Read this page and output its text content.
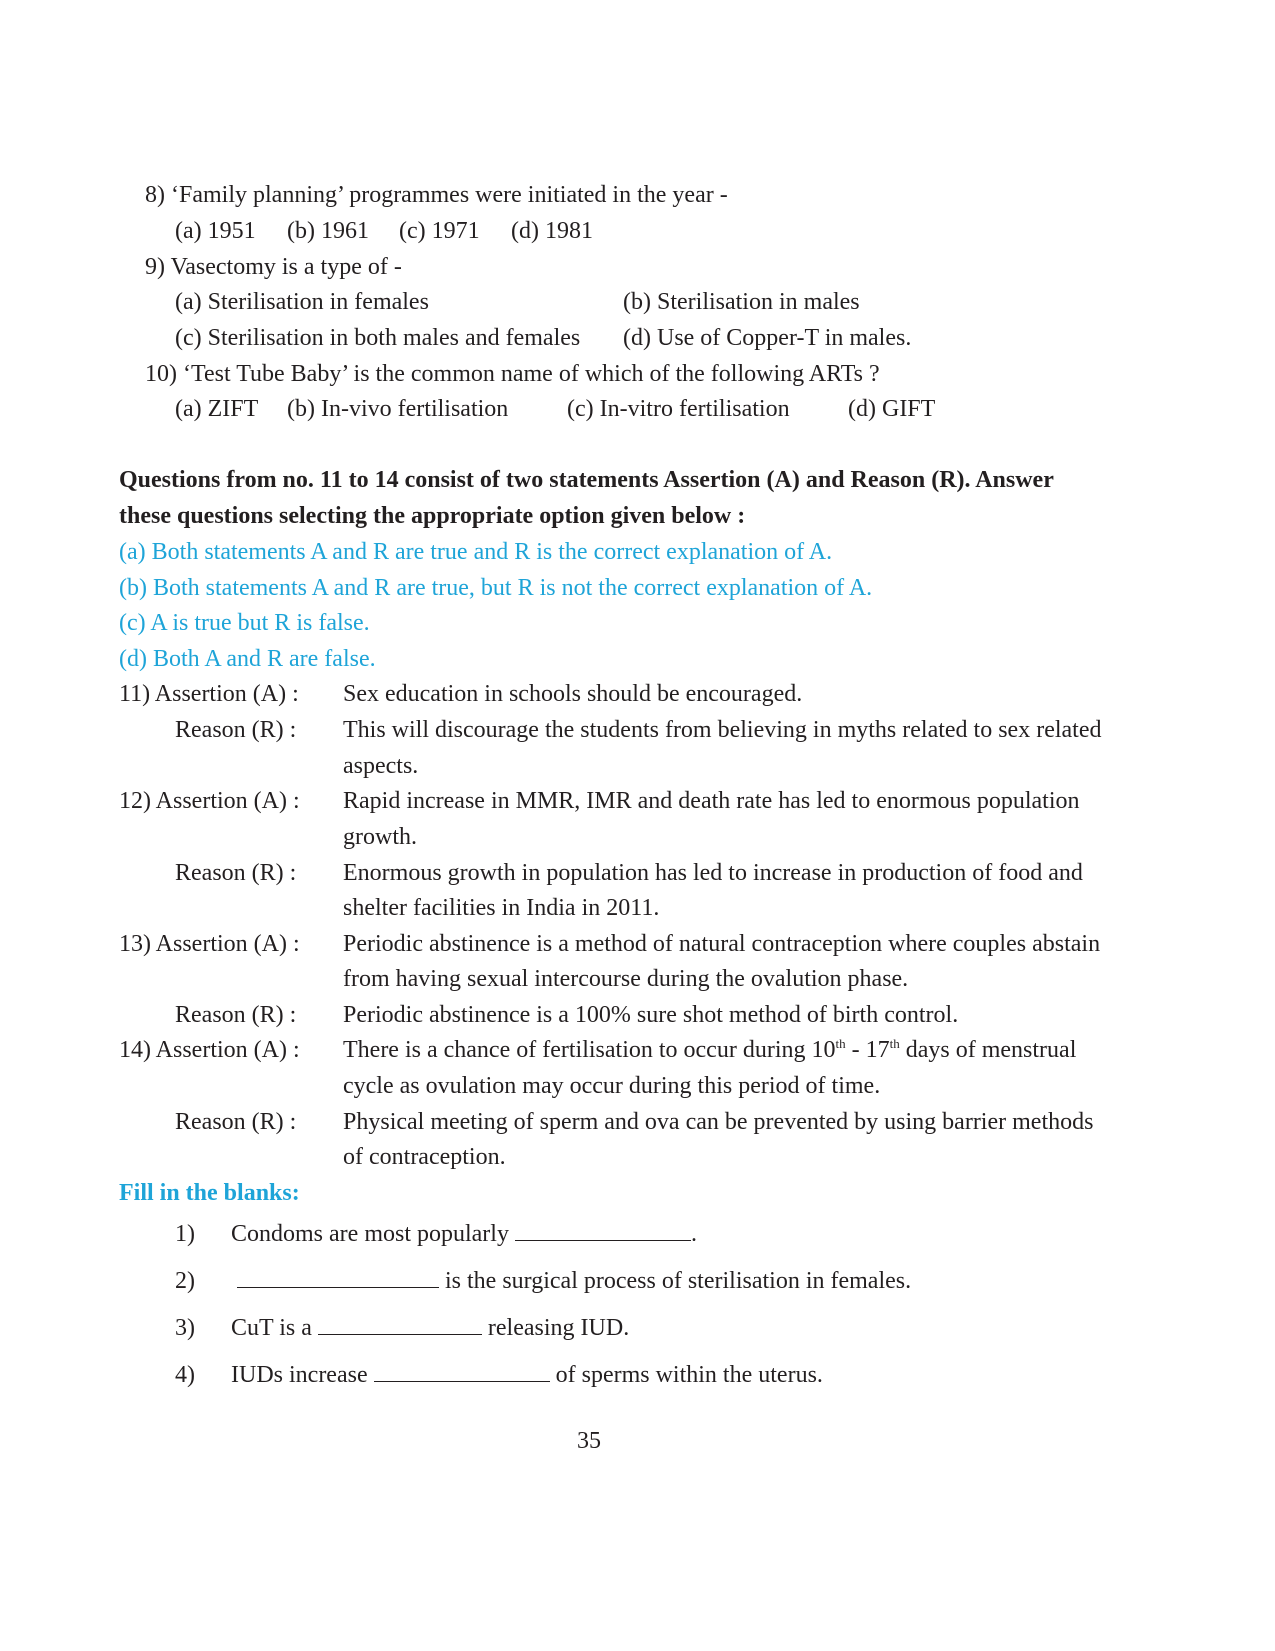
8) ‘Family planning’ programmes were initiated in the year -
(a) 1951 (b) 1961 (c) 1971 (d) 1981
9) Vasectomy is a type of -
(a) Sterilisation in females	(b) Sterilisation in males
(c) Sterilisation in both males and females (d) Use of Copper-T in males.
10) ‘Test Tube Baby’ is the common name of which of the following ARTs ?
(a) ZIFT (b) In-vivo fertilisation (c) In-vitro fertilisation (d) GIFT
Questions from no. 11 to 14 consist of two statements Assertion (A) and Reason (R). Answer
these questions selecting the appropriate option given below :
(a) Both statements A and R are true and R is the correct explanation of A.
(b) Both statements A and R are true, but R is not the correct explanation of A.
(c) A is true but R is false.
(d) Both A and R are false.
11) Assertion (A) : Sex education in schools should be encouraged.
Reason (R) : This will discourage the students from believing in myths related to sex related
aspects.
12) Assertion (A) : Rapid increase in MMR, IMR and death rate has led to enormous population
growth.
Reason (R) : Enormous growth in population has led to increase in production of food and
shelter facilities in India in 2011.
13) Assertion (A) : Periodic abstinence is a method of natural contraception where couples abstain
from having sexual intercourse during the ovalution phase.
Reason (R) : Periodic abstinence is a 100% sure shot method of birth control.
14) Assertion (A) : There is a chance of fertilisation to occur during 10th - 17th days of menstrual
cycle as ovulation may occur during this period of time.
Reason (R) : Physical meeting of sperm and ova can be prevented by using barrier methods
of contraception.
Fill in the blanks:
1) Condoms are most popularly	.
2)	is the surgical process of sterilisation in females.
3) CuT is a	releasing IUD.
4) IUDs increase	of sperms within the uterus.
35
